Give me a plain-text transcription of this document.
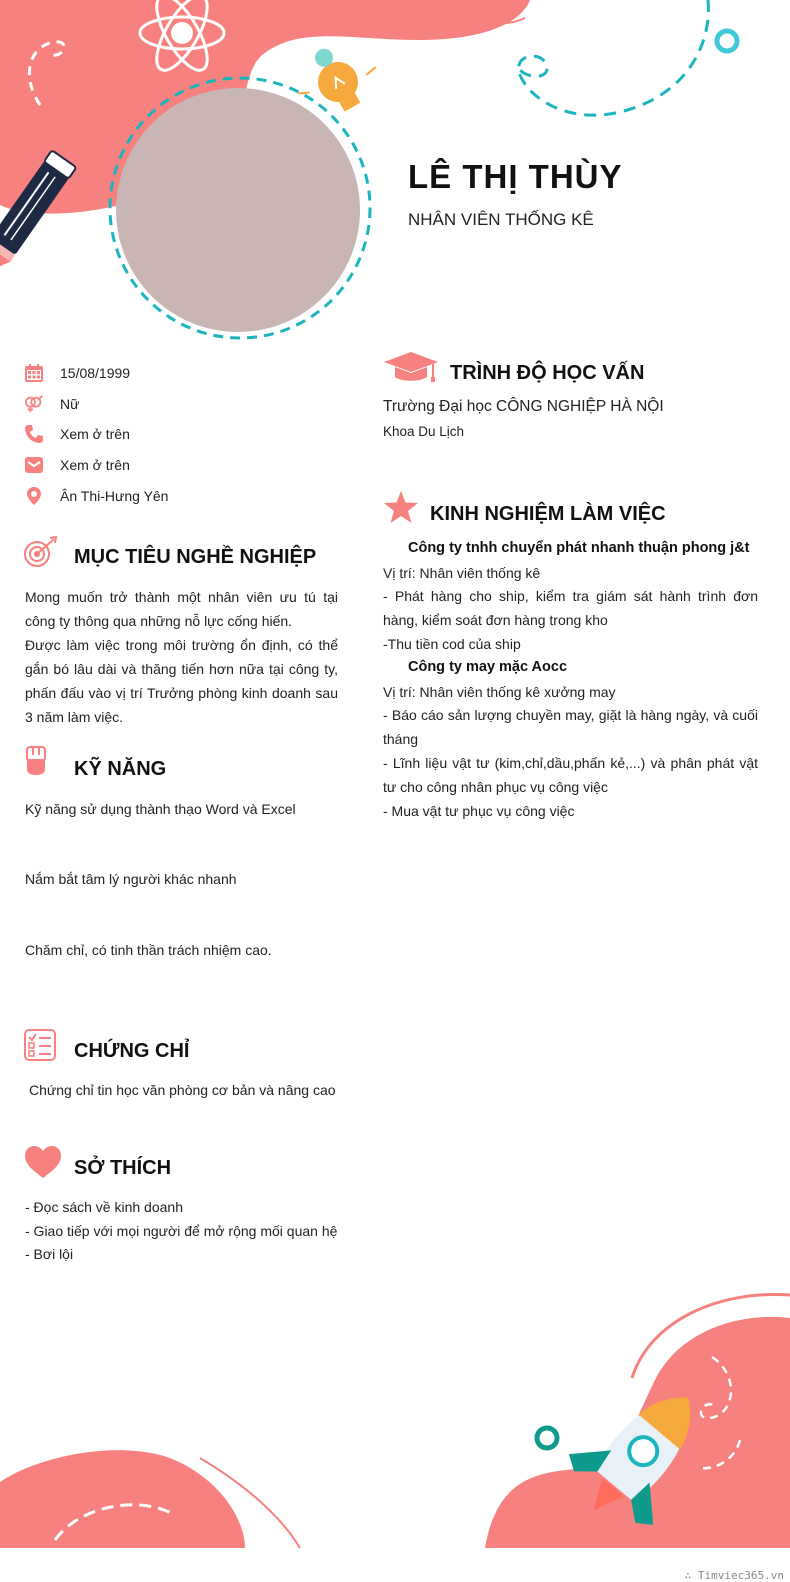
LÊ THỊ THÙY
NHÂN VIÊN THỐNG KÊ
15/08/1999
Nữ
Xem ở trên
Xem ở trên
Ân Thi-Hưng Yên
MỤC TIÊU NGHỀ NGHIỆP
Mong muốn trở thành một nhân viên ưu tú tại công ty thông qua những nỗ lực cống hiến.
Được làm việc trong môi trường ổn định, có thể gắn bó lâu dài và thăng tiến hơn nữa tại công ty, phấn đấu vào vị trí Trưởng phòng kinh doanh sau 3 năm làm việc.
KỸ NĂNG
Kỹ năng sử dụng thành thạo Word và Excel
Nắm bắt tâm lý người khác nhanh
Chăm chỉ, có tinh thần trách nhiệm cao.
CHỨNG CHỈ
Chứng chỉ tin học văn phòng cơ bản và nâng cao
SỞ THÍCH
- Đọc sách về kinh doanh
- Giao tiếp với mọi người để mở rộng mối quan hệ
- Bơi lội
TRÌNH ĐỘ HỌC VẤN
Trường Đại học CÔNG NGHIỆP HÀ NỘI
Khoa Du Lịch
KINH NGHIỆM LÀM VIỆC
Công ty tnhh chuyển phát nhanh thuận phong j&t
Vị trí: Nhân viên thống kê
- Phát hàng cho ship, kiểm tra giám sát hành trình đơn hàng, kiểm soát đơn hàng trong kho
-Thu tiền cod của ship
Công ty may mặc Aocc
Vị trí: Nhân viên thống kê xưởng may
- Báo cáo sản lượng chuyền may, giặt là hàng ngày, và cuối tháng
- Lĩnh liệu vật tư (kim,chỉ,dầu,phấn kẻ,...) và phân phát vật tư cho công nhân phục vụ công việc
- Mua vật tư phục vụ công việc
∴ Timviec365.vn
